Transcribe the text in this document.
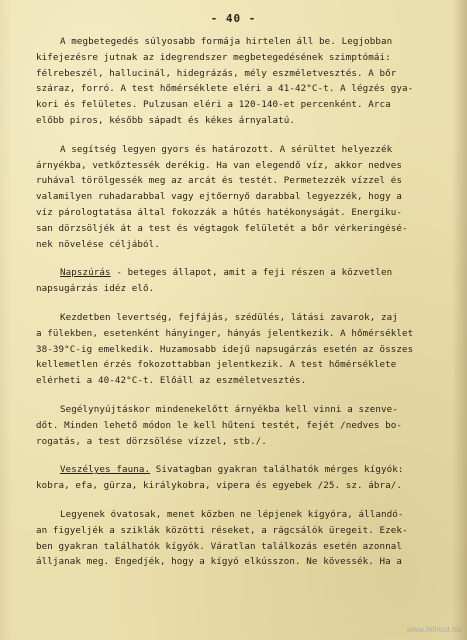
- 40 -

A megbetegedés súlyosabb formája hirtelen áll be. Legjobban

kifejezésre jutnak az idegrendszer megbetegedésének szimptómái:

félrebeszél, hallucinál, hidegrázás, mély eszméletvesztés. A bőr

száraz, forró. A test hőmérséklete eléri a 41-42°C-t. A légzés gya-

kori és felületes. Pulzusan eléri a 120-140-et percenként. Arca

előbb piros, később sápadt és kékes árnyalatú.

A segítség legyen gyors és határozott. A sérültet helyezzék

árnyékba, vetkőztessék derékig. Ha van elegendő víz, akkor nedves

ruhával törölgessék meg az arcát és testét. Permetezzék vízzel és

valamilyen ruhadarabbal vagy ejtőernyő darabbal legyezzék, hogy a

víz párologtatása által fokozzák a hűtés hatékonyságát. Energiku-

san dörzsöljék át a test és végtagok felületét a bőr vérkeringésé-

nek növelése céljából.

Napszúrás - beteges állapot, amit a feji részen a közvetlen

napsugárzás idéz elő.

Kezdetben levertség, fejfájás, szédülés, látási zavarok, zaj

a fülekben, esetenként hányinger, hányás jelentkezik. A hőmérséklet

38-39°C-ig emelkedik. Huzamosabb idejű napsugárzás esetén az összes

kellemetlen érzés fokozottabban jelentkezik. A test hőmérséklete

elérheti a 40-42°C-t. Előáll az eszméletvesztés.

Segélynyújtáskor mindenekelőtt árnyékba kell vinni a szenve-

dőt. Minden lehető módon le kell hűteni testét, fejét /nedves bo-

rogatás, a test dörzsölése vízzel, stb./.

Veszélyes fauna. Sivatagban gyakran találhatók mérges kígyók:

kobra, efa, gürza, királykobra, vipera és egyebek /25. sz. ábra/.

Legyenek óvatosak, menet közben ne lépjenek kígyóra, állandó-

an figyeljék a sziklák közötti réseket, a rágcsálók üregeit. Ezek-

ben gyakran találhatók kígyók. Váratlan találkozás esetén azonnal

álljanak meg. Engedjék, hogy a kígyó elkússzon. Ne kövessék. Ha a

www.felhout.hu
